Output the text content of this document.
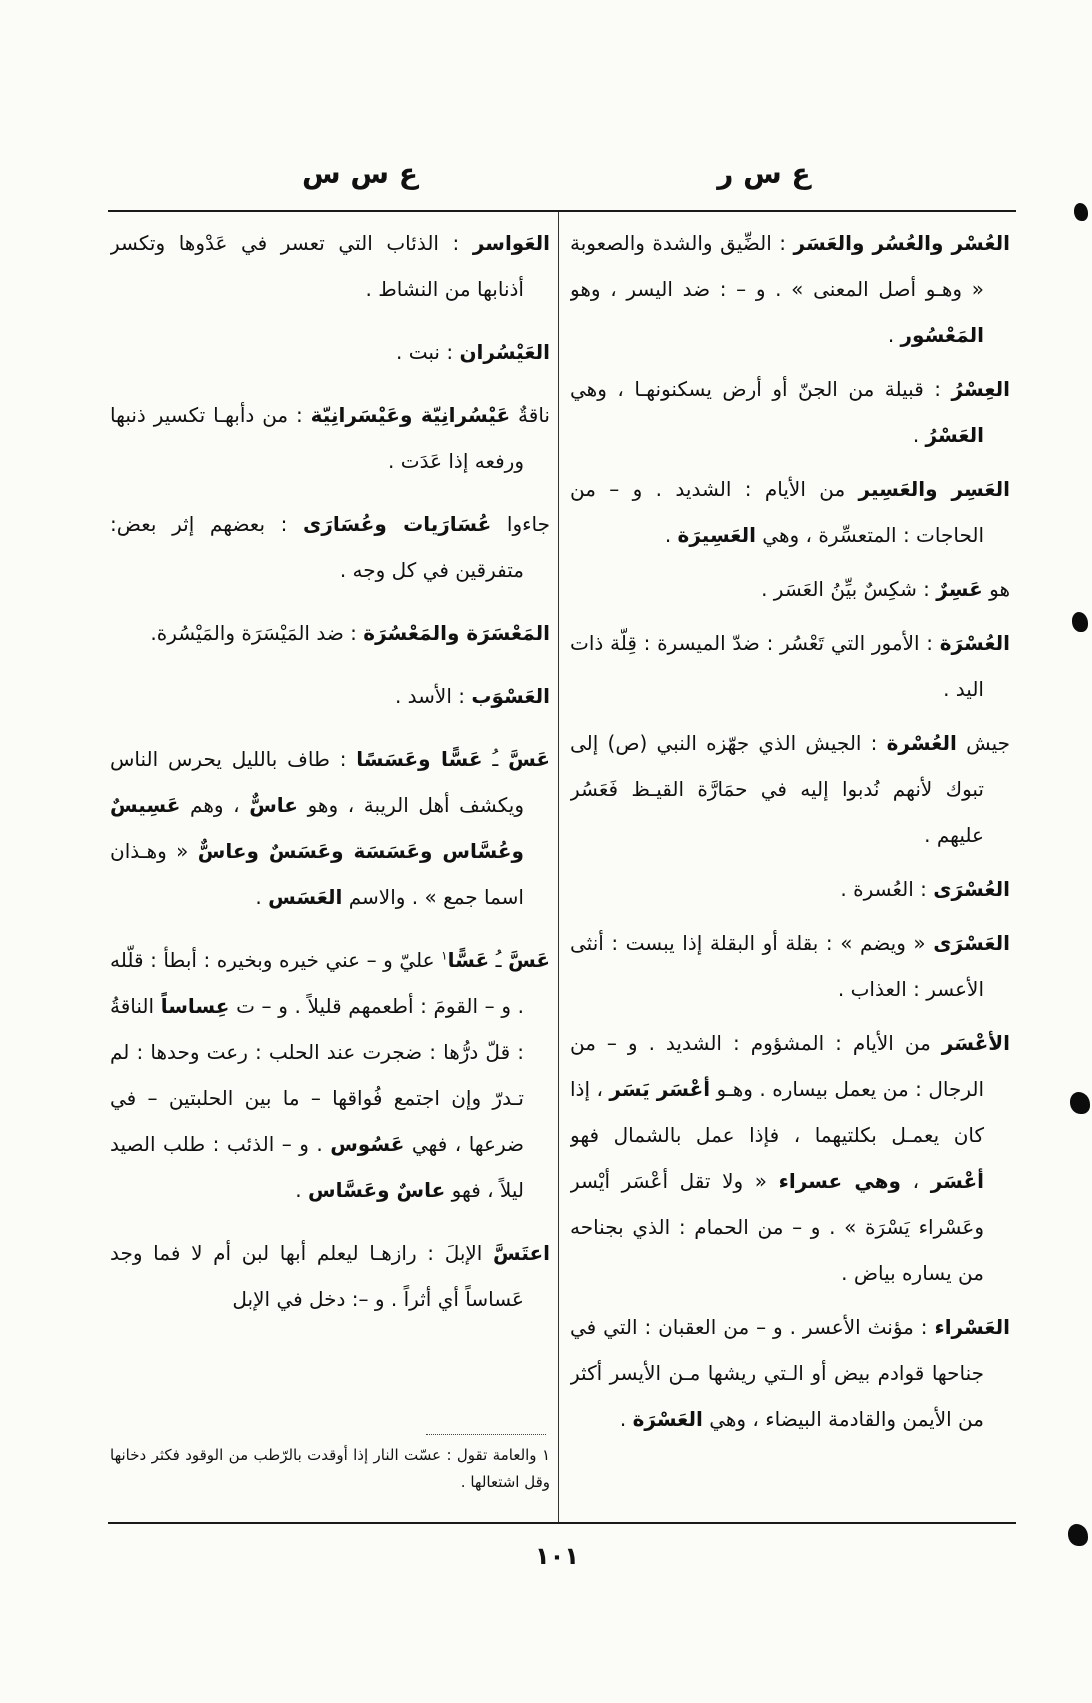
ع س ر
ع س س
العُسْر والعُسُر والعَسَر : الضِّيق والشدة والصعوبة « وهـو أصل المعنى » . و – : ضد اليسر ، وهو المَعْسُور .
العِسْرُ : قبيلة من الجنّ أو أرض يسكنونهـا ، وهي العَسْرُ .
العَسِر والعَسِير من الأيام : الشديد . و – من الحاجات : المتعسِّرة ، وهي العَسِيرَة .
هو عَسِرٌ : شكِسٌ بيِّنُ العَسَر .
العُسْرَة : الأمور التي تَعْسُر : ضدّ الميسرة : قِلّة ذات اليد .
جيش العُسْرة : الجيش الذي جهّزه النبي (ص) إلى تبوك لأنهم نُدبوا إليه في حمَارَّة القيـظ فَعَسُر عليهم .
العُسْرَى : العُسرة .
العَسْرَى « ويضم » : بقلة أو البقلة إذا يبست : أنثى الأعسر : العذاب .
الأعْسَر من الأيام : المشؤوم : الشديد . و – من الرجال : من يعمل بيساره . وهـو أعْسَر يَسَر ، إذا كان يعمـل بكلتيهما ، فإذا عمل بالشمال فهو أعْسَر ، وهي عسراء « ولا تقل أعْسَر أيْسر وعَسْراء يَسْرَة » . و – من الحمام : الذي بجناحه من يساره بياض .
العَسْراء : مؤنث الأعسر . و – من العقبان : التي في جناحها قوادم بيض أو الـتي ريشها مـن الأيسر أكثر من الأيمن والقادمة البيضاء ، وهي العَسْرَة .
العَواسر : الذئاب التي تعسر في عَدْوها وتكسر أذنابها من النشاط .
العَيْسُران : نبت .
ناقةٌ عَيْسُرانِيّة وعَيْسَرانِيّة : من دأبهـا تكسير ذنبها ورفعه إذا عَدَت .
جاءوا عُسَارَيات وعُسَارَى : بعضهم إثر بعض: متفرقين في كل وجه .
المَعْسَرَة والمَعْسُرَة : ضد المَيْسَرَة والمَيْسُرة.
العَسْوَب : الأسد .
عَسَّ ـُ عَسًّا وعَسَسًا : طاف بالليل يحرس الناس ويكشف أهل الريبة ، وهو عاسٌّ ، وهم عَسِيسٌ وعُسَّاس وعَسَسَة وعَسَسٌ وعاسٌّ « وهـذان اسما جمع » . والاسم العَسَس .
عَسَّ ـُ عَسًّا$^١$ عليّ و – عني خيره وبخيره : أبطأ : قلّله . و – القومَ : أطعمهم قليلاً . و – ت عِساساً الناقةُ : قلّ درُّها : ضجرت عند الحلب : رعت وحدها : لم تـدرّ وإن اجتمع فُواقها – ما بين الحلبتين – في ضرعها ، فهي عَسُوس . و – الذئب : طلب الصيد ليلاً ، فهو عاسٌ وعَسَّاس .
اعتَسَّ الإبلَ : رازهـا ليعلم أبها لبن أم لا فما وجد عَساساً أي أثراً . و –: دخل في الإبل
١ والعامة تقول : عسّت النار إذا أوقدت بالرّطب من الوقود فكثر دخانها وقل اشتعالها .
١٠١
